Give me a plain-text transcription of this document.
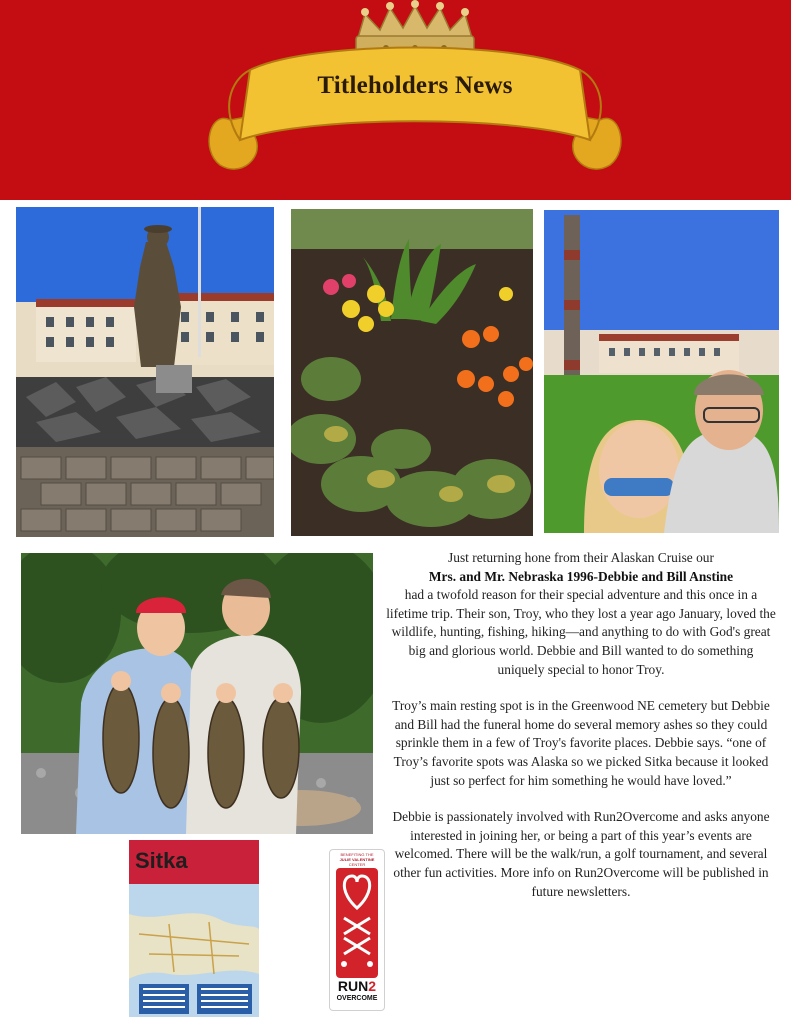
Titleholders News
Sitka	BENEFITING THE
JULIE VALENTINE
CENTER
RUN2
OVERCOME

Just returning hone from their Alaskan Cruise our
Mrs. and Mr. Nebraska 1996-Debbie and Bill Anstine
had a twofold reason for their special adventure and this once in a lifetime trip. Their son, Troy, who they lost a year ago January, loved the wildlife, hunting, fishing, hiking—and anything to do with God's great big and glorious world. Debbie and Bill wanted to do something uniquely special to honor Troy.

Troy’s main resting spot is in the Greenwood NE cemetery but Debbie and Bill had the funeral home do several memory ashes so they could sprinkle them in a few of Troy's favorite places. Debbie says. “one of Troy’s favorite spots was Alaska so we picked Sitka because it looked just so perfect for him something he would have loved.”

Debbie is passionately involved with Run2Overcome and asks anyone interested in joining her, or being a part of this year’s events are welcomed. There will be the walk/run, a golf tournament, and several other fun activities. More info on Run2Overcome will be published in future newsletters.
